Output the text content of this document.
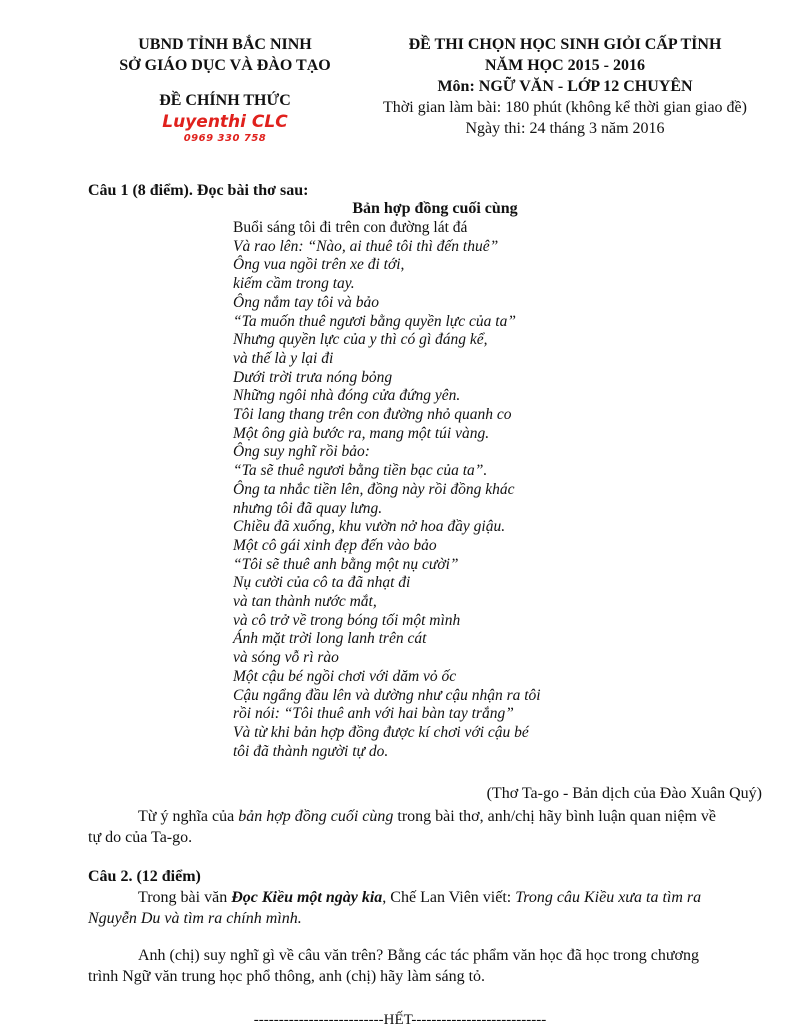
UBND TỈNH BẮC NINH
SỞ GIÁO DỤC VÀ ĐÀO TẠO
ĐỀ CHÍNH THỨC
Luyenthi CLC
0969 330 758
ĐỀ THI CHỌN HỌC SINH GIỎI CẤP TỈNH
NĂM HỌC 2015 - 2016
Môn: NGỮ VĂN - LỚP 12 CHUYÊN
Thời gian làm bài: 180 phút (không kể thời gian giao đề)
Ngày thi: 24 tháng 3 năm 2016
Câu 1 (8 điểm). Đọc bài thơ sau:
Bản hợp đồng cuối cùng
Buổi sáng tôi đi trên con đường lát đá
Và rao lên: “Nào, ai thuê tôi thì đến thuê”
Ông vua ngồi trên xe đi tới,
kiếm cầm trong tay.
Ông nắm tay tôi và bảo
“Ta muốn thuê ngươi bằng quyền lực của ta”
Nhưng quyền lực của y thì có gì đáng kể,
và thế là y lại đi
Dưới trời trưa nóng bỏng
Những ngôi nhà đóng cửa đứng yên.
Tôi lang thang trên con đường nhỏ quanh co
Một ông già bước ra, mang một túi vàng.
Ông suy nghĩ rồi bảo:
“Ta sẽ thuê ngươi bằng tiền bạc của ta”.
Ông ta nhắc tiền lên, đồng này rồi đồng khác
nhưng tôi đã quay lưng.
Chiều đã xuống, khu vườn nở hoa đầy giậu.
Một cô gái xinh đẹp đến vào bảo
“Tôi sẽ thuê anh bằng một nụ cười”
Nụ cười của cô ta đã nhạt đi
và tan thành nước mắt,
và cô trở về trong bóng tối một mình
Ánh mặt trời long lanh trên cát
và sóng vỗ rì rào
Một cậu bé ngồi chơi với dăm vỏ ốc
Cậu ngẩng đầu lên và dường như cậu nhận ra tôi
rồi nói: “Tôi thuê anh với hai bàn tay trắng”
Và từ khi bản hợp đồng được kí chơi với cậu bé
tôi đã thành người tự do.
(Thơ Ta-go - Bản dịch của Đào Xuân Quý)
Từ ý nghĩa của bản hợp đồng cuối cùng trong bài thơ, anh/chị hãy bình luận quan niệm về tự do của Ta-go.
Câu 2. (12 điểm)
Trong bài văn Đọc Kiều một ngày kia, Chế Lan Viên viết: Trong câu Kiều xưa ta tìm ra Nguyễn Du và tìm ra chính mình.
Anh (chị) suy nghĩ gì về câu văn trên? Bằng các tác phẩm văn học đã học trong chương trình Ngữ văn trung học phổ thông, anh (chị) hãy làm sáng tỏ.
--------------------------HẾT---------------------------
